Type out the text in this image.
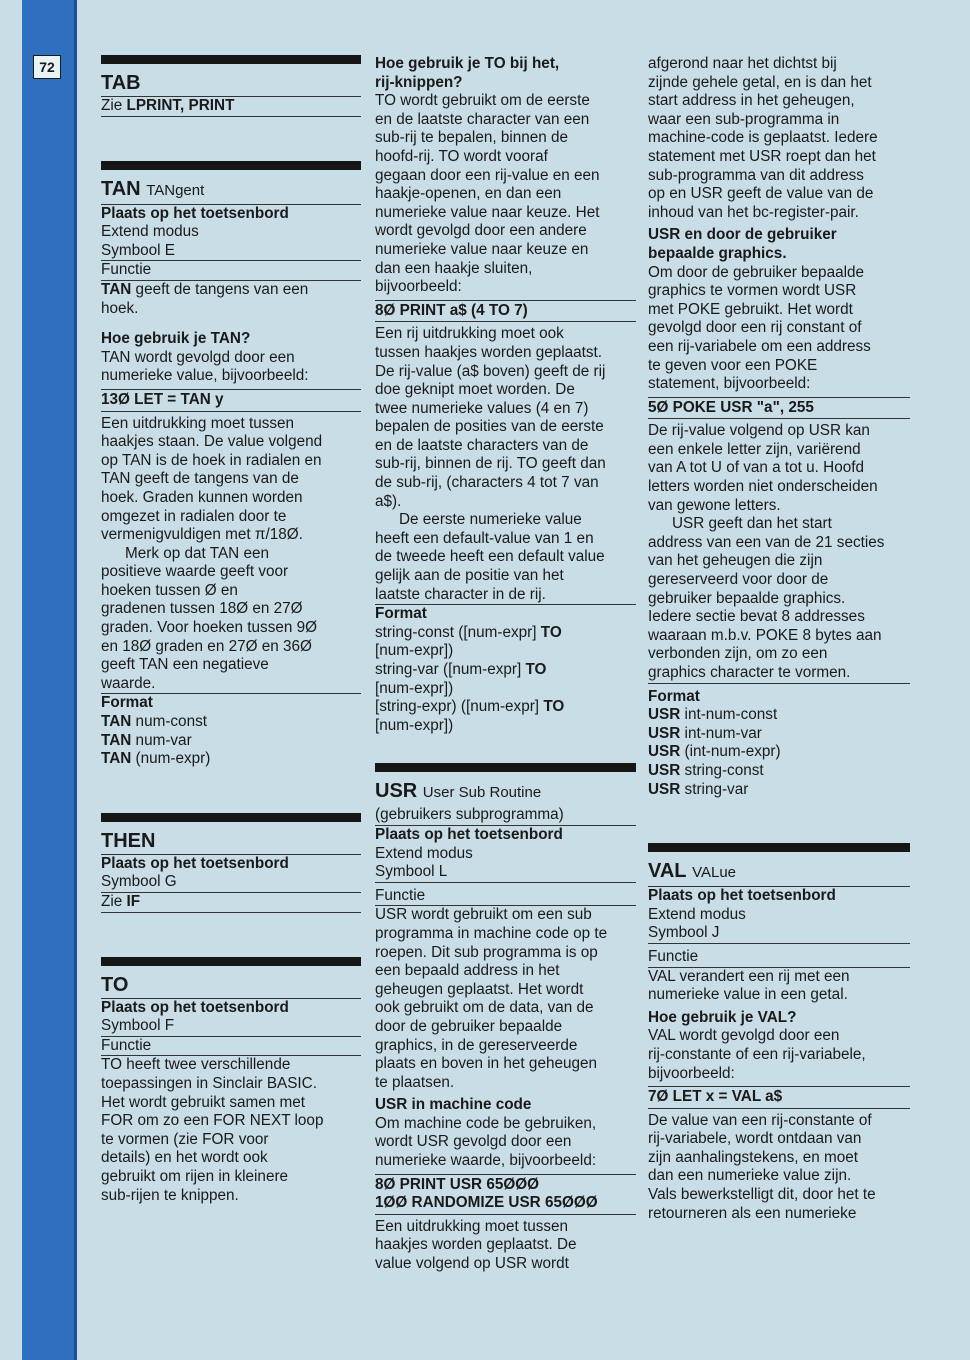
72
TAB
Zie LPRINT, PRINT
TAN TANgent
Plaats op het toetsenbord
Extend modus
Symbool E
Functie
TAN geeft de tangens van een
hoek.
Hoe gebruik je TAN?
TAN wordt gevolgd door een
numerieke value, bijvoorbeeld:
13Ø LET = TAN y
Een uitdrukking moet tussen
haakjes staan. De value volgend
op TAN is de hoek in radialen en
TAN geeft de tangens van de
hoek. Graden kunnen worden
omgezet in radialen door te
vermenigvuldigen met π/18Ø.
Merk op dat TAN een
positieve waarde geeft voor
hoeken tussen Ø en
gradenen tussen 18Ø en 27Ø
graden. Voor hoeken tussen 9Ø
en 18Ø graden en 27Ø en 36Ø
geeft TAN een negatieve
waarde.
Format
TAN num-const
TAN num-var
TAN (num-expr)
THEN
Plaats op het toetsenbord
Symbool G
Zie IF
TO
Plaats op het toetsenbord
Symbool F
Functie
TO heeft twee verschillende
toepassingen in Sinclair BASIC.
Het wordt gebruikt samen met
FOR om zo een FOR NEXT loop
te vormen (zie FOR voor
details) en het wordt ook
gebruikt om rijen in kleinere
sub-rijen te knippen.
Hoe gebruik je TO bij het,
rij-knippen?
TO wordt gebruikt om de eerste
en de laatste character van een
sub-rij te bepalen, binnen de
hoofd-rij. TO wordt vooraf
gegaan door een rij-value en een
haakje-openen, en dan een
numerieke value naar keuze. Het
wordt gevolgd door een andere
numerieke value naar keuze en
dan een haakje sluiten,
bijvoorbeeld:
8Ø PRINT a$ (4 TO 7)
Een rij uitdrukking moet ook
tussen haakjes worden geplaatst.
De rij-value (a$ boven) geeft de rij
doe geknipt moet worden. De
twee numerieke values (4 en 7)
bepalen de posities van de eerste
en de laatste characters van de
sub-rij, binnen de rij. TO geeft dan
de sub-rij, (characters 4 tot 7 van
a$).
De eerste numerieke value
heeft een default-value van 1 en
de tweede heeft een default value
gelijk aan de positie van het
laatste character in de rij.
Format
string-const ([num-expr] TO
[num-expr])
string-var ([num-expr] TO
[num-expr])
[string-expr) ([num-expr] TO
[num-expr])
USR User Sub Routine
(gebruikers subprogramma)
Plaats op het toetsenbord
Extend modus
Symbool L
Functie
USR wordt gebruikt om een sub
programma in machine code op te
roepen. Dit sub programma is op
een bepaald address in het
geheugen geplaatst. Het wordt
ook gebruikt om de data, van de
door de gebruiker bepaalde
graphics, in de gereserveerde
plaats en boven in het geheugen
te plaatsen.
USR in machine code
Om machine code be gebruiken,
wordt USR gevolgd door een
numerieke waarde, bijvoorbeeld:
8Ø PRINT USR 65ØØØ
1ØØ RANDOMIZE USR 65ØØØ
Een uitdrukking moet tussen
haakjes worden geplaatst. De
value volgend op USR wordt
afgerond naar het dichtst bij
zijnde gehele getal, en is dan het
start address in het geheugen,
waar een sub-programma in
machine-code is geplaatst. Iedere
statement met USR roept dan het
sub-programma van dit address
op en USR geeft de value van de
inhoud van het bc-register-pair.
USR en door de gebruiker
bepaalde graphics.
Om door de gebruiker bepaalde
graphics te vormen wordt USR
met POKE gebruikt. Het wordt
gevolgd door een rij constant of
een rij-variabele om een address
te geven voor een POKE
statement, bijvoorbeeld:
5Ø POKE USR "a", 255
De rij-value volgend op USR kan
een enkele letter zijn, variërend
van A tot U of van a tot u. Hoofd
letters worden niet onderscheiden
van gewone letters.
USR geeft dan het start
address van een van de 21 secties
van het geheugen die zijn
gereserveerd voor door de
gebruiker bepaalde graphics.
Iedere sectie bevat 8 addresses
waaraan m.b.v. POKE 8 bytes aan
verbonden zijn, om zo een
graphics character te vormen.
Format
USR int-num-const
USR int-num-var
USR (int-num-expr)
USR string-const
USR string-var
VAL VALue
Plaats op het toetsenbord
Extend modus
Symbool J
Functie
VAL verandert een rij met een
numerieke value in een getal.
Hoe gebruik je VAL?
VAL wordt gevolgd door een
rij-constante of een rij-variabele,
bijvoorbeeld:
7Ø LET x = VAL a$
De value van een rij-constante of
rij-variabele, wordt ontdaan van
zijn aanhalingstekens, en moet
dan een numerieke value zijn.
Vals bewerkstelligt dit, door het te
retourneren als een numerieke
